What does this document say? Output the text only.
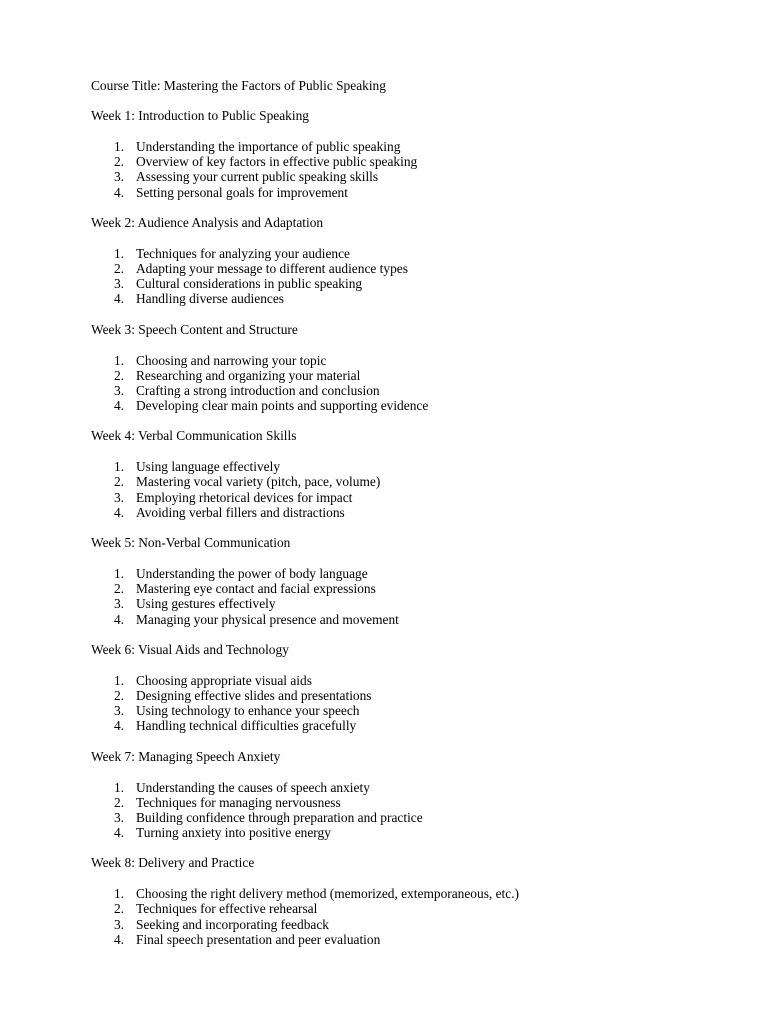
Course Title: Mastering the Factors of Public Speaking
Week 1: Introduction to Public Speaking
1. Understanding the importance of public speaking
2. Overview of key factors in effective public speaking
3. Assessing your current public speaking skills
4. Setting personal goals for improvement
Week 2: Audience Analysis and Adaptation
1. Techniques for analyzing your audience
2. Adapting your message to different audience types
3. Cultural considerations in public speaking
4. Handling diverse audiences
Week 3: Speech Content and Structure
1. Choosing and narrowing your topic
2. Researching and organizing your material
3. Crafting a strong introduction and conclusion
4. Developing clear main points and supporting evidence
Week 4: Verbal Communication Skills
1. Using language effectively
2. Mastering vocal variety (pitch, pace, volume)
3. Employing rhetorical devices for impact
4. Avoiding verbal fillers and distractions
Week 5: Non-Verbal Communication
1. Understanding the power of body language
2. Mastering eye contact and facial expressions
3. Using gestures effectively
4. Managing your physical presence and movement
Week 6: Visual Aids and Technology
1. Choosing appropriate visual aids
2. Designing effective slides and presentations
3. Using technology to enhance your speech
4. Handling technical difficulties gracefully
Week 7: Managing Speech Anxiety
1. Understanding the causes of speech anxiety
2. Techniques for managing nervousness
3. Building confidence through preparation and practice
4. Turning anxiety into positive energy
Week 8: Delivery and Practice
1. Choosing the right delivery method (memorized, extemporaneous, etc.)
2. Techniques for effective rehearsal
3. Seeking and incorporating feedback
4. Final speech presentation and peer evaluation
